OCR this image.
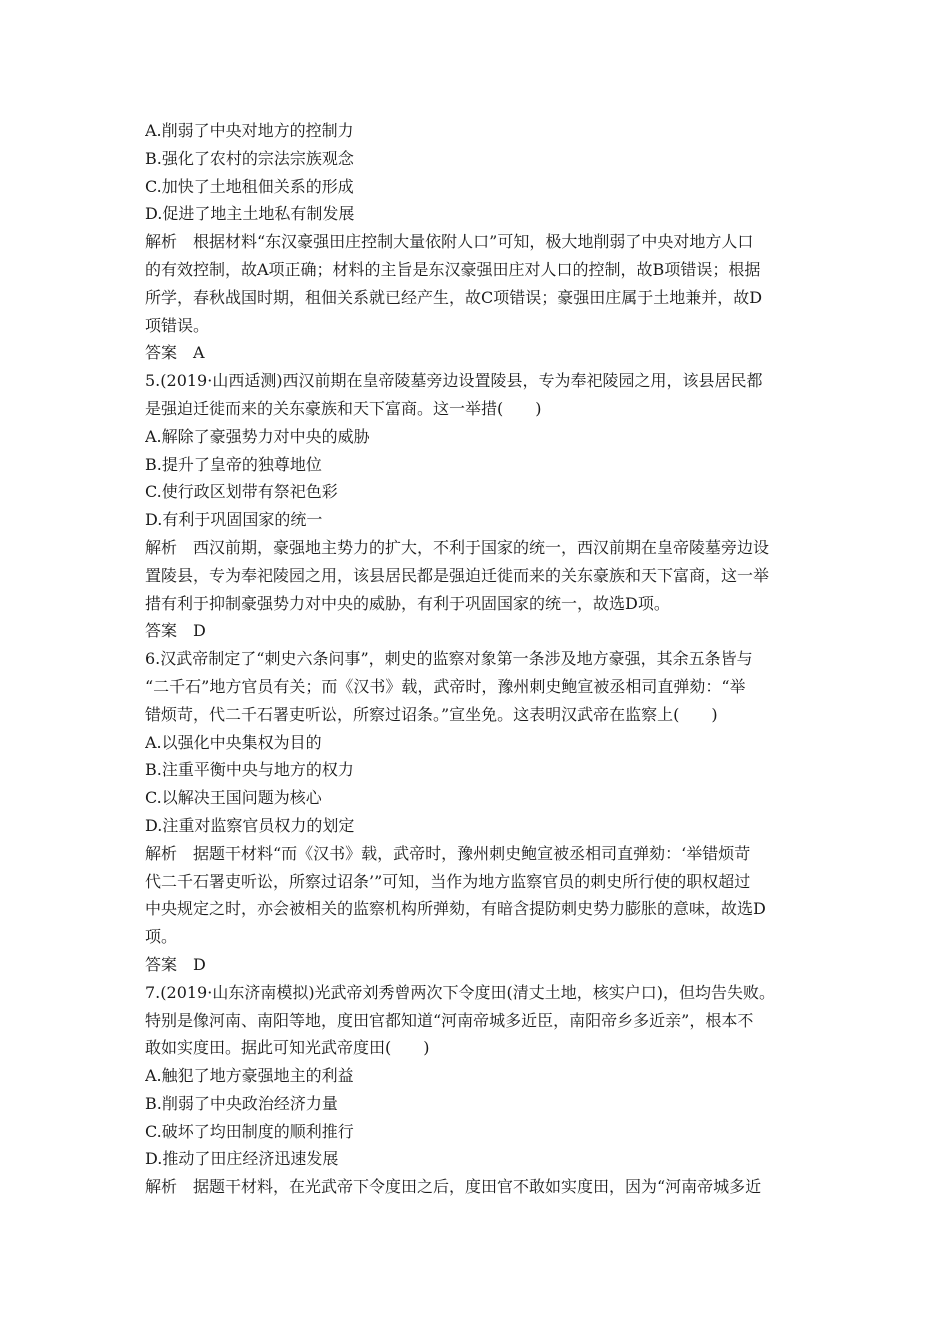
A.削弱了中央对地方的控制力
B.强化了农村的宗法宗族观念
C.加快了土地租佃关系的形成
D.促进了地主土地私有制发展
解析　根据材料“东汉豪强田庄控制大量依附人口”可知，极大地削弱了中央对地方人口
的有效控制，故A项正确；材料的主旨是东汉豪强田庄对人口的控制，故B项错误；根据
所学，春秋战国时期，租佃关系就已经产生，故C项错误；豪强田庄属于土地兼并，故D
项错误。
答案　A
5.(2019·山西适测)西汉前期在皇帝陵墓旁边设置陵县，专为奉祀陵园之用，该县居民都
是强迫迁徙而来的关东豪族和天下富商。这一举措(　　)
A.解除了豪强势力对中央的威胁
B.提升了皇帝的独尊地位
C.使行政区划带有祭祀色彩
D.有利于巩固国家的统一
解析　西汉前期，豪强地主势力的扩大，不利于国家的统一，西汉前期在皇帝陵墓旁边设
置陵县，专为奉祀陵园之用，该县居民都是强迫迁徙而来的关东豪族和天下富商，这一举
措有利于抑制豪强势力对中央的威胁，有利于巩固国家的统一，故选D项。
答案　D
6.汉武帝制定了“刺史六条问事”，刺史的监察对象第一条涉及地方豪强，其余五条皆与
“二千石”地方官员有关；而《汉书》载，武帝时，豫州刺史鲍宣被丞相司直弹劾：“举
错烦苛，代二千石署吏听讼，所察过诏条。”宣坐免。这表明汉武帝在监察上(　　)
A.以强化中央集权为目的
B.注重平衡中央与地方的权力
C.以解决王国问题为核心
D.注重对监察官员权力的划定
解析　据题干材料“而《汉书》载，武帝时，豫州刺史鲍宣被丞相司直弹劾：‘举错烦苛
代二千石署吏听讼，所察过诏条’”可知，当作为地方监察官员的刺史所行使的职权超过
中央规定之时，亦会被相关的监察机构所弹劾，有暗含提防刺史势力膨胀的意味，故选D
项。
答案　D
7.(2019·山东济南模拟)光武帝刘秀曾两次下令度田(清丈土地，核实户口)，但均告失败。
特别是像河南、南阳等地，度田官都知道“河南帝城多近臣，南阳帝乡多近亲”，根本不
敢如实度田。据此可知光武帝度田(　　)
A.触犯了地方豪强地主的利益
B.削弱了中央政治经济力量
C.破坏了均田制度的顺利推行
D.推动了田庄经济迅速发展
解析　据题干材料，在光武帝下令度田之后，度田官不敢如实度田，因为“河南帝城多近
